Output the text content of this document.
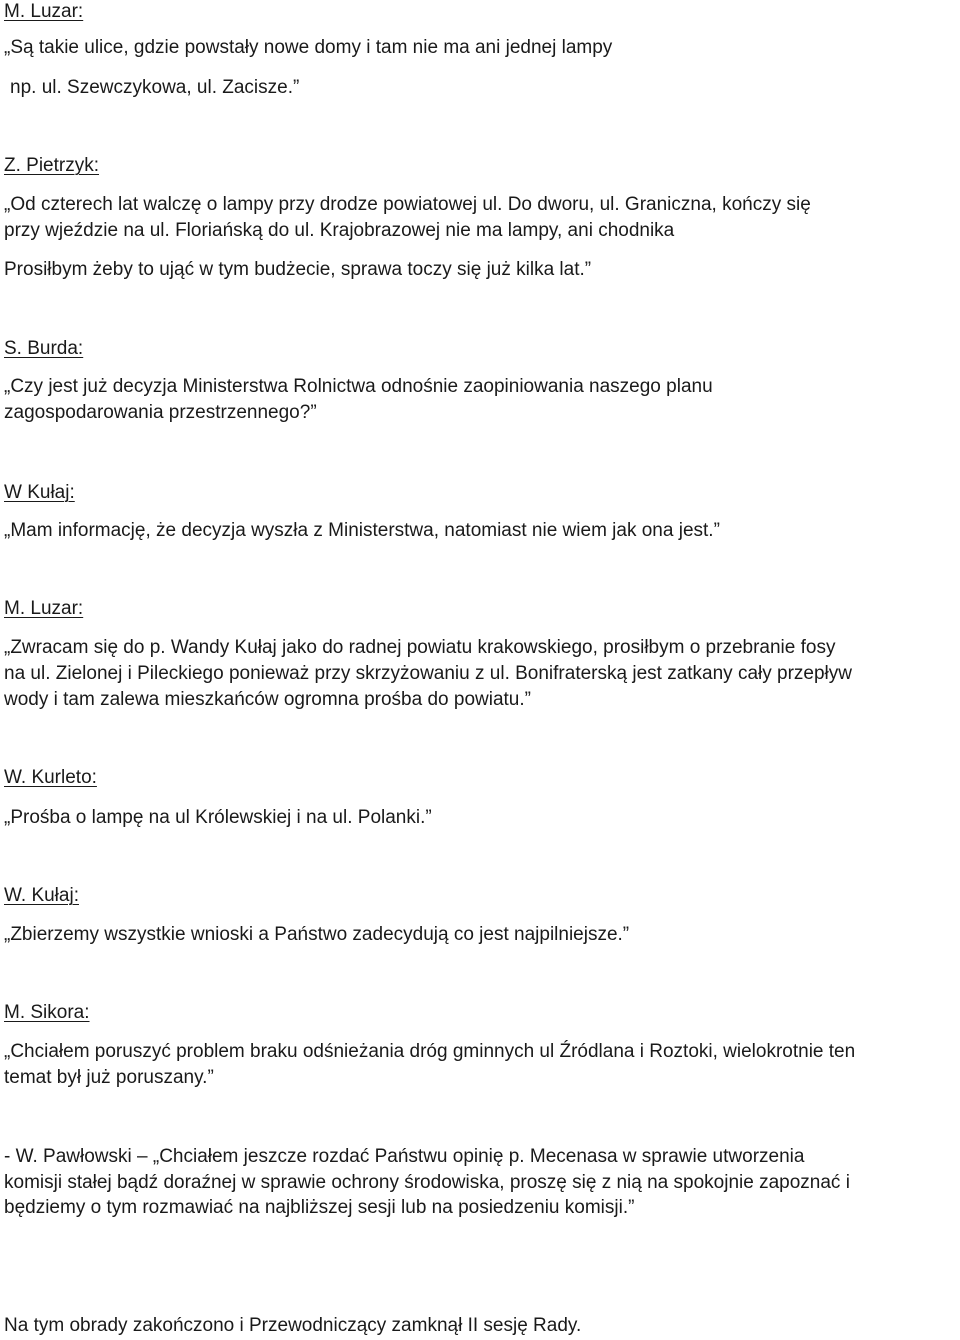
M. Luzar:

„Są takie ulice, gdzie powstały nowe domy i tam nie ma ani jednej lampy

np. ul. Szewczykowa, ul. Zacisze.”

Z. Pietrzyk:

„Od czterech lat walczę o lampy przy drodze powiatowej ul. Do dworu, ul. Graniczna, kończy się

przy wjeździe na ul. Floriańską do ul. Krajobrazowej nie ma lampy, ani chodnika

Prosiłbym żeby to ująć w tym budżecie, sprawa toczy się już kilka lat.”

S. Burda:

„Czy jest już decyzja Ministerstwa Rolnictwa odnośnie zaopiniowania naszego planu

zagospodarowania przestrzennego?”

W Kułaj:

„Mam informację, że decyzja wyszła z Ministerstwa, natomiast nie wiem jak ona jest.”

M. Luzar:

„Zwracam się do p. Wandy Kułaj jako do radnej powiatu krakowskiego, prosiłbym o przebranie fosy

na ul. Zielonej i Pileckiego ponieważ przy skrzyżowaniu z ul. Bonifraterską jest zatkany cały przepływ

wody i tam zalewa mieszkańców ogromna prośba do powiatu.”

W. Kurleto:

„Prośba o lampę na ul Królewskiej i na ul. Polanki.”

W. Kułaj:

„Zbierzemy wszystkie wnioski a Państwo zadecydują co jest najpilniejsze.”

M. Sikora:

„Chciałem poruszyć problem braku odśnieżania dróg gminnych ul Źródlana i Roztoki, wielokrotnie ten

temat był już poruszany.”

- W. Pawłowski – „Chciałem jeszcze rozdać Państwu opinię p. Mecenasa w sprawie utworzenia

komisji stałej bądź doraźnej w sprawie ochrony środowiska, proszę się z nią na spokojnie zapoznać i

będziemy o tym rozmawiać na najbliższej sesji lub na posiedzeniu komisji.”

Na tym obrady zakończono i Przewodniczący zamknął II sesję Rady.
